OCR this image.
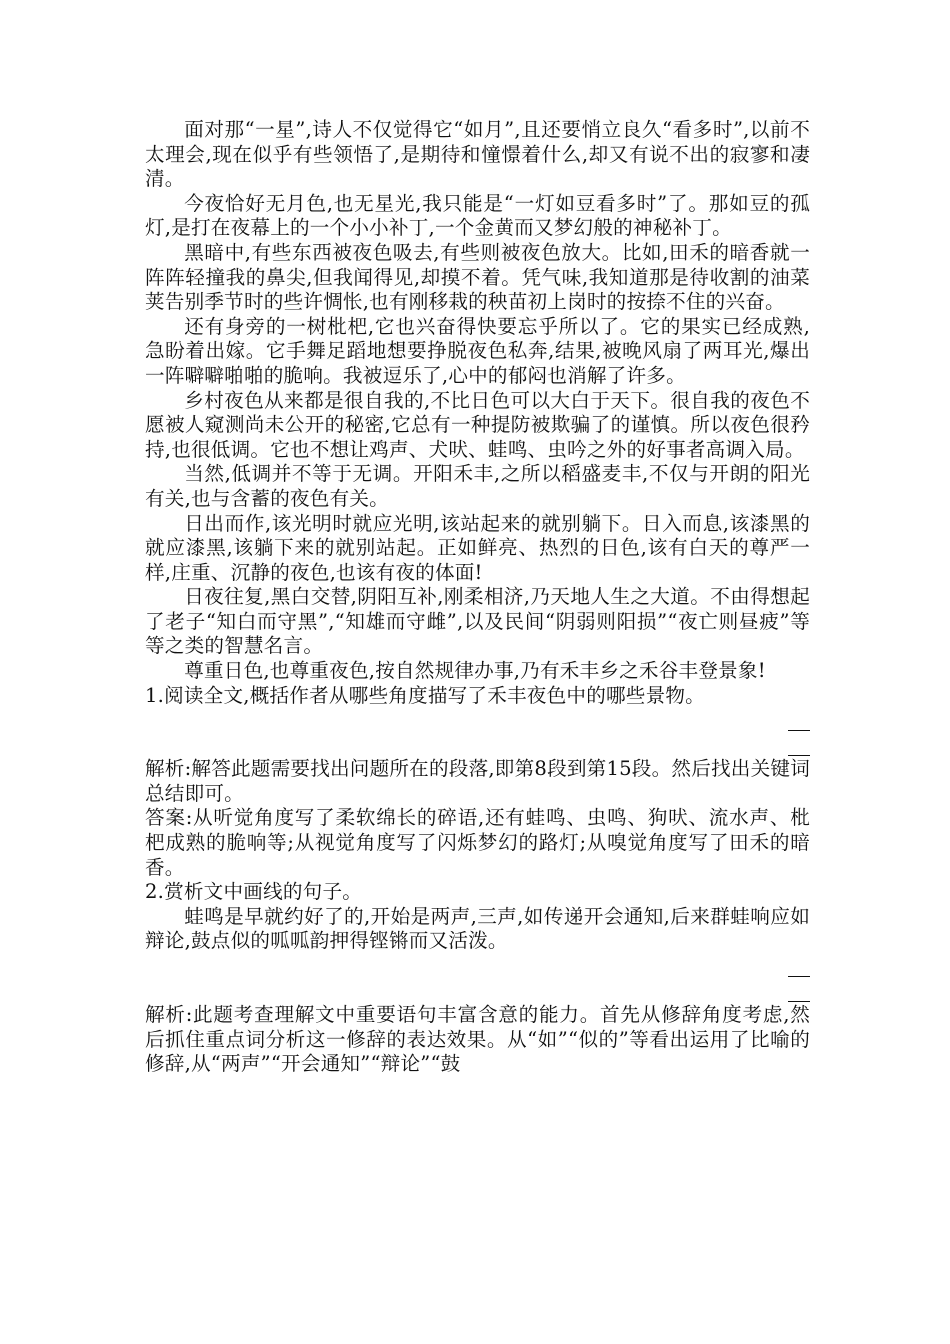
面对那“一星”,诗人不仅觉得它“如月”,且还要悄立良久“看多时”,以前不太理会,现在似乎有些领悟了,是期待和憧憬着什么,却又有说不出的寂寥和凄清。

今夜恰好无月色,也无星光,我只能是“一灯如豆看多时”了。那如豆的孤灯,是打在夜幕上的一个小小补丁,一个金黄而又梦幻般的神秘补丁。

黑暗中,有些东西被夜色吸去,有些则被夜色放大。比如,田禾的暗香就一阵阵轻撞我的鼻尖,但我闻得见,却摸不着。凭气味,我知道那是待收割的油菜荚告别季节时的些许惆怅,也有刚移栽的秧苗初上岗时的按捺不住的兴奋。

还有身旁的一树枇杷,它也兴奋得快要忘乎所以了。它的果实已经成熟,急盼着出嫁。它手舞足蹈地想要挣脱夜色私奔,结果,被晚风扇了两耳光,爆出一阵噼噼啪啪的脆响。我被逗乐了,心中的郁闷也消解了许多。

乡村夜色从来都是很自我的,不比日色可以大白于天下。很自我的夜色不愿被人窥测尚未公开的秘密,它总有一种提防被欺骗了的谨慎。所以夜色很矜持,也很低调。它也不想让鸡声、犬吠、蛙鸣、虫吟之外的好事者高调入局。

当然,低调并不等于无调。开阳禾丰,之所以稻盛麦丰,不仅与开朗的阳光有关,也与含蓄的夜色有关。

日出而作,该光明时就应光明,该站起来的就别躺下。日入而息,该漆黑的就应漆黑,该躺下来的就别站起。正如鲜亮、热烈的日色,该有白天的尊严一样,庄重、沉静的夜色,也该有夜的体面!

日夜往复,黑白交替,阴阳互补,刚柔相济,乃天地人生之大道。不由得想起了老子“知白而守黑”,“知雄而守雌”,以及民间“阴弱则阳损”“夜亡则昼疲”等等之类的智慧名言。

尊重日色,也尊重夜色,按自然规律办事,乃有禾丰乡之禾谷丰登景象!

1.阅读全文,概括作者从哪些角度描写了禾丰夜色中的哪些景物。

解析:解答此题需要找出问题所在的段落,即第8段到第15段。然后找出关键词总结即可。

答案:从听觉角度写了柔软绵长的碎语,还有蛙鸣、虫鸣、狗吠、流水声、枇杷成熟的脆响等;从视觉角度写了闪烁梦幻的路灯;从嗅觉角度写了田禾的暗香。

2.赏析文中画线的句子。

蛙鸣是早就约好了的,开始是两声,三声,如传递开会通知,后来群蛙响应如辩论,鼓点似的呱呱韵押得铿锵而又活泼。

解析:此题考查理解文中重要语句丰富含意的能力。首先从修辞角度考虑,然后抓住重点词分析这一修辞的表达效果。从“如”“似的”等看出运用了比喻的修辞,从“两声”“开会通知”“辩论”“鼓
